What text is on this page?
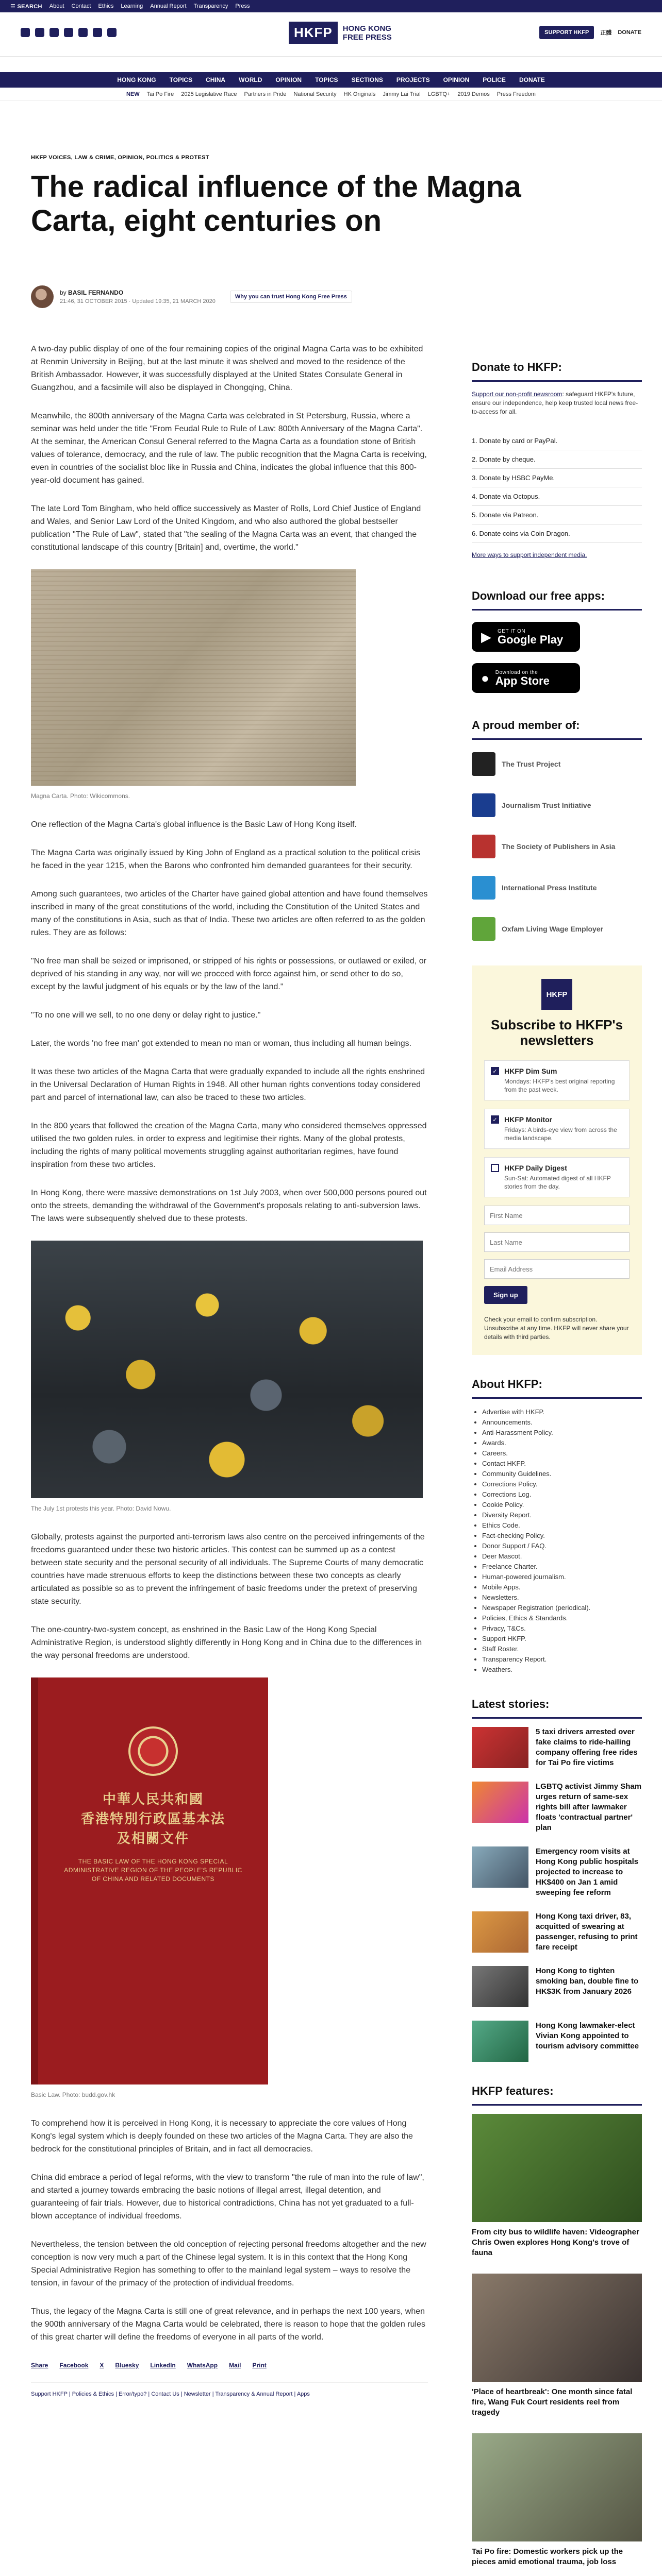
☰ SEARCH About Contact Ethics Learning Annual Report Transparency Press
HKFP	HONG KONG
FREE PRESS
SUPPORT HKFP	正體 DONATE
HONG KONG TOPICS CHINA WORLD OPINION TOPICS SECTIONS PROJECTS OPINION POLICE DONATE
NEW Tai Po Fire 2025 Legislative Race Partners in Pride National Security HK Originals Jimmy Lai Trial LGBTQ+ 2019 Demos Press Freedom
HKFP VOICES, LAW & CRIME, OPINION, POLITICS & PROTEST
The radical influence of the Magna Carta, eight centuries on
by BASIL FERNANDO
21:46, 31 OCTOBER 2015 · Updated 19:35, 21 MARCH 2020
Why you can trust Hong Kong Free Press

A two-day public display of one of the four remaining copies of the original Magna Carta was to be exhibited at Renmin University in Beijing, but at the last minute it was shelved and moved to the residence of the British Ambassador. However, it was successfully displayed at the United States Consulate General in Guangzhou, and a facsimile will also be displayed in Chongqing, China.

Meanwhile, the 800th anniversary of the Magna Carta was celebrated in St Petersburg, Russia, where a seminar was held under the title "From Feudal Rule to Rule of Law: 800th Anniversary of the Magna Carta". At the seminar, the American Consul General referred to the Magna Carta as a foundation stone of British values of tolerance, democracy, and the rule of law. The public recognition that the Magna Carta is receiving, even in countries of the socialist bloc like in Russia and China, indicates the global influence that this 800-year-old document has gained.

The late Lord Tom Bingham, who held office successively as Master of Rolls, Lord Chief Justice of England and Wales, and Senior Law Lord of the United Kingdom, and who also authored the global bestseller publication "The Rule of Law", stated that "the sealing of the Magna Carta was an event, that changed the constitutional landscape of this country [Britain] and, overtime, the world."

Magna Carta. Photo: Wikicommons.

One reflection of the Magna Carta's global influence is the Basic Law of Hong Kong itself.

The Magna Carta was originally issued by King John of England as a practical solution to the political crisis he faced in the year 1215, when the Barons who confronted him demanded guarantees for their security.

Among such guarantees, two articles of the Charter have gained global attention and have found themselves inscribed in many of the great constitutions of the world, including the Constitution of the United States and many of the constitutions in Asia, such as that of India. These two articles are often referred to as the golden rules. They are as follows:

"No free man shall be seized or imprisoned, or stripped of his rights or possessions, or outlawed or exiled, or deprived of his standing in any way, nor will we proceed with force against him, or send other to do so, except by the lawful judgment of his equals or by the law of the land."

"To no one will we sell, to no one deny or delay right to justice."

Later, the words 'no free man' got extended to mean no man or woman, thus including all human beings.

It was these two articles of the Magna Carta that were gradually expanded to include all the rights enshrined in the Universal Declaration of Human Rights in 1948. All other human rights conventions today considered part and parcel of international law, can also be traced to these two articles.

In the 800 years that followed the creation of the Magna Carta, many who considered themselves oppressed utilised the two golden rules. in order to express and legitimise their rights. Many of the global protests, including the rights of many political movements struggling against authoritarian regimes, have found inspiration from these two articles.

In Hong Kong, there were massive demonstrations on 1st July 2003, when over 500,000 persons poured out onto the streets, demanding the withdrawal of the Government's proposals relating to anti-subversion laws. The laws were subsequently shelved due to these protests.

The July 1st protests this year. Photo: David Nowu.

Globally, protests against the purported anti-terrorism laws also centre on the perceived infringements of the freedoms guaranteed under these two historic articles. This contest can be summed up as a contest between state security and the personal security of all individuals. The Supreme Courts of many democratic countries have made strenuous efforts to keep the distinctions between these two concepts as clearly articulated as possible so as to prevent the infringement of basic freedoms under the pretext of preserving state security.

The one-country-two-system concept, as enshrined in the Basic Law of the Hong Kong Special Administrative Region, is understood slightly differently in Hong Kong and in China due to the differences in the way personal freedoms are understood.

中華人民共和國
香港特別行政區基本法
及相關文件
THE BASIC LAW OF THE HONG KONG SPECIAL ADMINISTRATIVE REGION OF THE PEOPLE'S REPUBLIC OF CHINA AND RELATED DOCUMENTS
Basic Law. Photo: budd.gov.hk

To comprehend how it is perceived in Hong Kong, it is necessary to appreciate the core values of Hong Kong's legal system which is deeply founded on these two articles of the Magna Carta. They are also the bedrock for the constitutional principles of Britain, and in fact all democracies.

China did embrace a period of legal reforms, with the view to transform "the rule of man into the rule of law", and started a journey towards embracing the basic notions of illegal arrest, illegal detention, and guaranteeing of fair trials. However, due to historical contradictions, China has not yet graduated to a full-blown acceptance of individual freedoms.

Nevertheless, the tension between the old conception of rejecting personal freedoms altogether and the new conception is now very much a part of the Chinese legal system. It is in this context that the Hong Kong Special Administrative Region has something to offer to the mainland legal system – ways to resolve the tension, in favour of the primacy of the protection of individual freedoms.

Thus, the legacy of the Magna Carta is still one of great relevance, and in perhaps the next 100 years, when the 900th anniversary of the Magna Carta would be celebrated, there is reason to hope that the golden rules of this great charter will define the freedoms of everyone in all parts of the world.

Share Facebook X Bluesky LinkedIn WhatsApp Mail Print
Support HKFP | Policies & Ethics | Error/typo? | Contact Us | Newsletter | Transparency & Annual Report | Apps
Donate to HKFP:
Support our non-profit newsroom: safeguard HKFP's future, ensure our independence, help keep trusted local news free-to-access for all.
1. Donate by card or PayPal.
2. Donate by cheque.
3. Donate by HSBC PayMe.
4. Donate via Octopus.
5. Donate via Patreon.
6. Donate coins via Coin Dragon.
More ways to support independent media.
Download our free apps:
▶ GET IT ON
Google Play
● Download on the
App Store
A proud member of:
The Trust Project
Journalism Trust Initiative
The Society of Publishers in Asia
International Press Institute
Oxfam Living Wage Employer
HKFP
Subscribe to HKFP's newsletters
✓ HKFP Dim Sum
Mondays: HKFP's best original reporting from the past week.
✓ HKFP Monitor
Fridays: A birds-eye view from across the media landscape.
HKFP Daily Digest
Sun-Sat: Automated digest of all HKFP stories from the day.
First Name Last Name Email Address Sign up
Check your email to confirm subscription. Unsubscribe at any time. HKFP will never share your details with third parties.
About HKFP:
• Advertise with HKFP.
• Announcements.
• Anti-Harassment Policy.
• Awards.
• Careers.
• Contact HKFP.
• Community Guidelines.
• Corrections Policy.
• Corrections Log.
• Cookie Policy.
• Diversity Report.
• Ethics Code.
• Fact-checking Policy.
• Donor Support / FAQ.
• Deer Mascot.
• Freelance Charter.
• Human-powered journalism.
• Mobile Apps.
• Newsletters.
• Newspaper Registration (periodical).
• Policies, Ethics & Standards.
• Privacy, T&Cs.
• Support HKFP.
• Staff Roster.
• Transparency Report.
• Weathers.
Latest stories:
5 taxi drivers arrested over fake claims to ride-hailing company offering free rides for Tai Po fire victims
LGBTQ activist Jimmy Sham urges return of same-sex rights bill after lawmaker floats 'contractual partner' plan
Emergency room visits at Hong Kong public hospitals projected to increase to HK$400 on Jan 1 amid sweeping fee reform
Hong Kong taxi driver, 83, acquitted of swearing at passenger, refusing to print fare receipt
Hong Kong to tighten smoking ban, double fine to HK$3K from January 2026
Hong Kong lawmaker-elect Vivian Kong appointed to tourism advisory committee
HKFP features:
From city bus to wildlife haven: Videographer Chris Owen explores Hong Kong's trove of fauna
'Place of heartbreak': One month since fatal fire, Wang Fuk Court residents reel from tragedy
Tai Po fire: Domestic workers pick up the pieces amid emotional trauma, job loss
